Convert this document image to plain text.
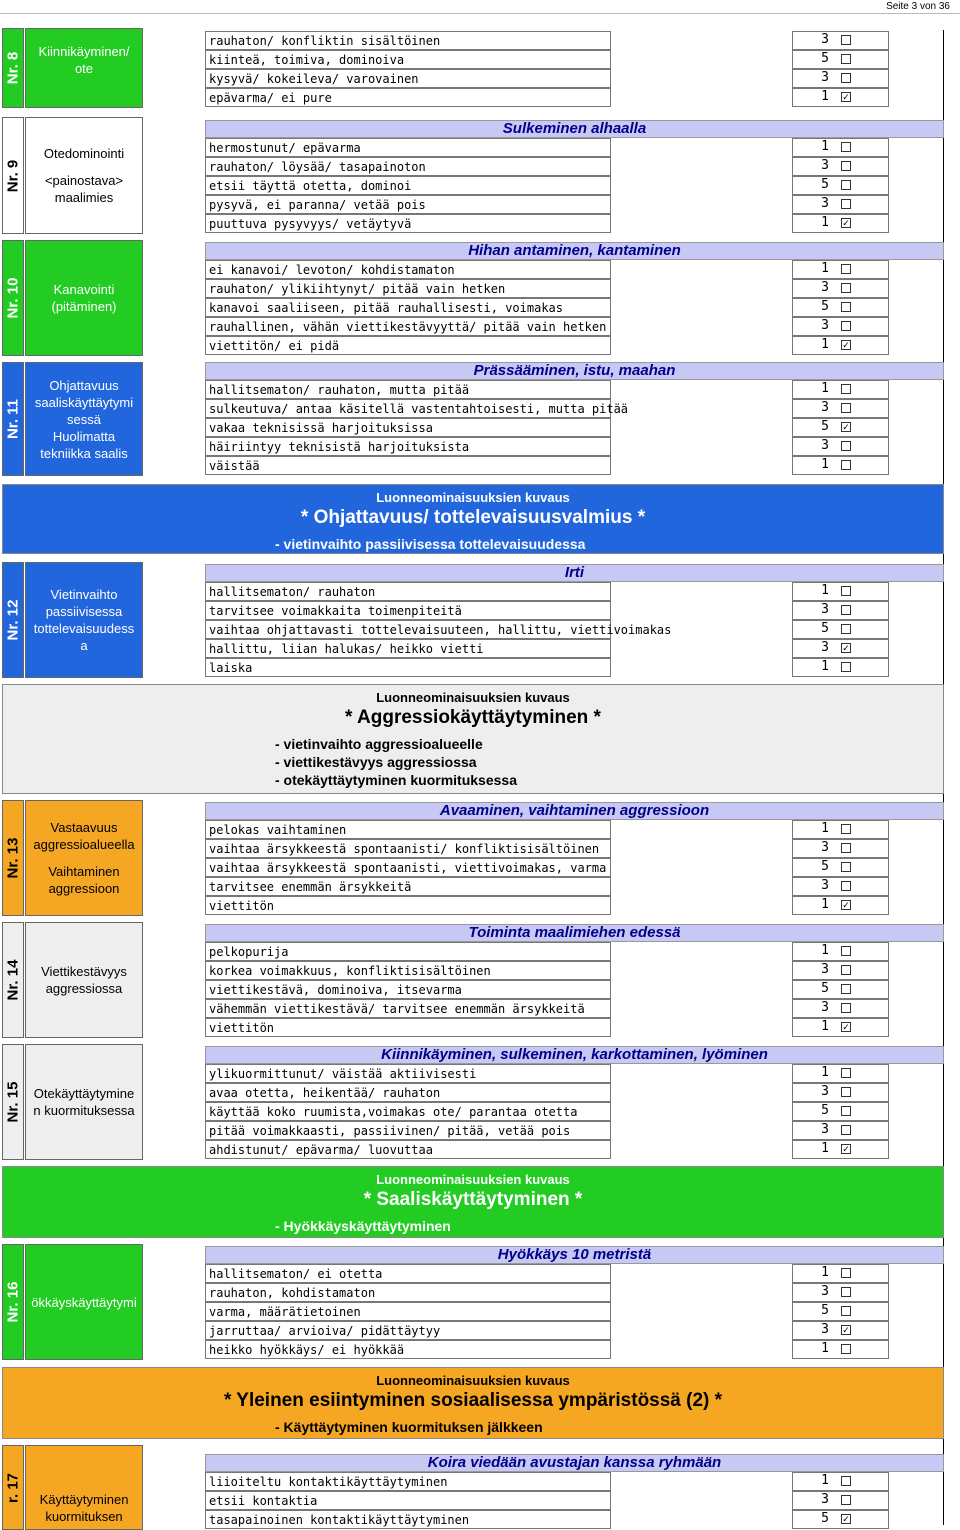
Seite 3 von 36
Nr. 8
Kiinnikäyminen/
ote
rauhaton/ konfliktin sisältöinen	3
kiinteä, toimiva, dominoiva	5
kysyvä/ kokeileva/ varovainen	3
epävarma/ ei pure	1 ✓
Nr. 9
Otedominointi
<painostava>
maalimies
Sulkeminen alhaalla
hermostunut/ epävarma	1
rauhaton/ löysää/ tasapainoton	3
etsii täyttä otetta, dominoi	5
pysyvä, ei paranna/ vetää pois	3
puuttuva pysyvyys/ vetäytyvä	1 ✓
Nr. 10 Kanavointi
(pitäminen)
Hihan antaminen, kantaminen
ei kanavoi/ levoton/ kohdistamaton	1
rauhaton/ ylikiihtynyt/ pitää vain hetken	3
kanavoi saaliiseen, pitää rauhallisesti, voimakas	5
rauhallinen, vähän viettikestävyyttä/ pitää vain hetken	3
viettitön/ ei pidä	1 ✓
Nr. 11
Ohjattavuus
saaliskäyttäytymi
sessä
Huolimatta
tekniikka saalis
Prässääminen, istu, maahan
hallitsematon/ rauhaton, mutta pitää	1
sulkeutuva/ antaa käsitellä vastentahtoisesti, mutta pitää	3
vakaa teknisissä harjoituksissa	5 ✓
häiriintyy teknisistä harjoituksista	3
väistää	1
Nr. 12
Vietinvaihto
passiivisessa
tottelevaisuudess
a
Irti
hallitsematon/ rauhaton	1
tarvitsee voimakkaita toimenpiteitä	3
vaihtaa ohjattavasti tottelevaisuuteen, hallittu, viettivoimakas	5
hallittu, liian halukas/ heikko vietti	3 ✓
laiska	1
Nr. 13
Vastaavuus
aggressioalueella
Vaihtaminen
aggressioon
Avaaminen, vaihtaminen aggressioon
pelokas vaihtaminen	1
vaihtaa ärsykkeestä spontaanisti/ konfliktisisältöinen	3
vaihtaa ärsykkeestä spontaanisti, viettivoimakas, varma	5
tarvitsee enemmän ärsykkeitä	3
viettitön	1 ✓
Nr. 14 Viettikestävyys
aggressiossa
Toiminta maalimiehen edessä
pelkopurija	1
korkea voimakkuus, konfliktisisältöinen	3
viettikestävä, dominoiva, itsevarma	5
vähemmän viettikestävä/ tarvitsee enemmän ärsykkeitä	3
viettitön	1 ✓
Nr. 15 Otekäyttäytymine
n kuormituksessa
Kiinnikäyminen, sulkeminen, karkottaminen, lyöminen
ylikuormittunut/ väistää aktiivisesti	1
avaa otetta, heikentää/ rauhaton	3
käyttää koko ruumista,voimakas ote/ parantaa otetta	5
pitää voimakkaasti, passiivinen/ pitää, vetää pois	3
ahdistunut/ epävarma/ luovuttaa	1 ✓
Nr. 16 ökkäyskäyttäytymi
Hyökkäys 10 metristä
hallitsematon/ ei otetta	1
rauhaton, kohdistamaton	3
varma, määrätietoinen	5
jarruttaa/ arvioiva/ pidättäytyy	3 ✓
heikko hyökkäys/ ei hyökkää	1
r. 17 Käyttäytyminen
kuormituksen
Koira viedään avustajan kanssa ryhmään
liioiteltu kontaktikäyttäytyminen	1
etsii kontaktia	3
tasapainoinen kontaktikäyttäytyminen	5 ✓
Luonneominaisuuksien kuvaus
* Ohjattavuus/ tottelevaisuusvalmius *
- vietinvaihto passiivisessa tottelevaisuudessa
Luonneominaisuuksien kuvaus
* Aggressiokäyttäytyminen *
- vietinvaihto aggressioalueelle
- viettikestävyys aggressiossa
- otekäyttäytyminen kuormituksessa
Luonneominaisuuksien kuvaus
* Saaliskäyttäytyminen *
- Hyökkäyskäyttäytyminen
Luonneominaisuuksien kuvaus
* Yleinen esiintyminen sosiaalisessa ympäristössä (2) *
- Käyttäytyminen kuormituksen jälkkeen
